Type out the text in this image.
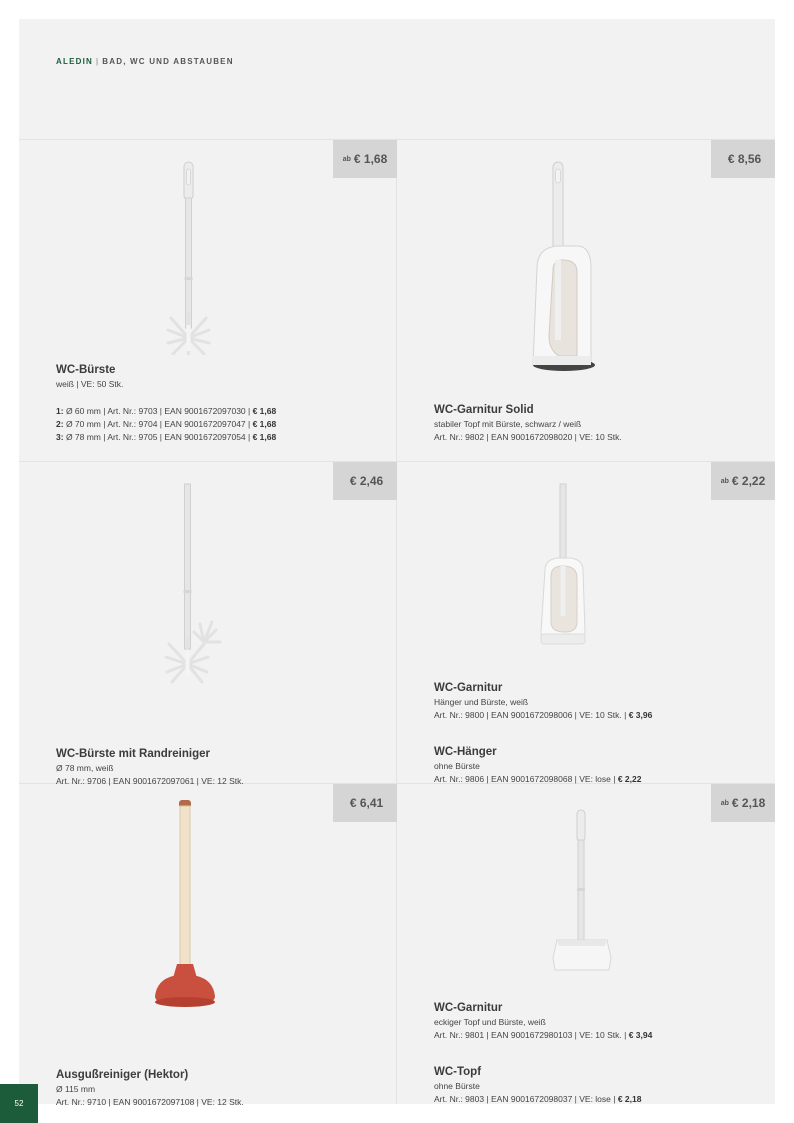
ALEDIN | BAD, WC UND ABSTAUBEN
ab € 1,68
WC-Bürste
weiß | VE: 50 Stk.
1: Ø 60 mm | Art. Nr.: 9703 | EAN 9001672097030 | € 1,68
2: Ø 70 mm | Art. Nr.: 9704 | EAN 9001672097047 | € 1,68
3: Ø 78 mm | Art. Nr.: 9705 | EAN 9001672097054 | € 1,68
€ 8,56
WC-Garnitur Solid
stabiler Topf mit Bürste, schwarz / weiß
Art. Nr.: 9802 | EAN 9001672098020 | VE: 10 Stk.
€ 2,46
WC-Bürste mit Randreiniger
Ø 78 mm, weiß
Art. Nr.: 9706 | EAN 9001672097061 | VE: 12 Stk.
ab € 2,22
WC-Garnitur
Hänger und Bürste, weiß
Art. Nr.: 9800 | EAN 9001672098006 | VE: 10 Stk. | € 3,96
WC-Hänger
ohne Bürste
Art. Nr.: 9806 | EAN 9001672098068 | VE: lose | € 2,22
€ 6,41
Ausgußreiniger (Hektor)
Ø 115 mm
Art. Nr.: 9710 | EAN 9001672097108 | VE: 12 Stk.
ab € 2,18
WC-Garnitur
eckiger Topf und Bürste, weiß
Art. Nr.: 9801 | EAN 9001672980103 | VE: 10 Stk. | € 3,94
WC-Topf
ohne Bürste
Art. Nr.: 9803 | EAN 9001672098037 | VE: lose | € 2,18
52
